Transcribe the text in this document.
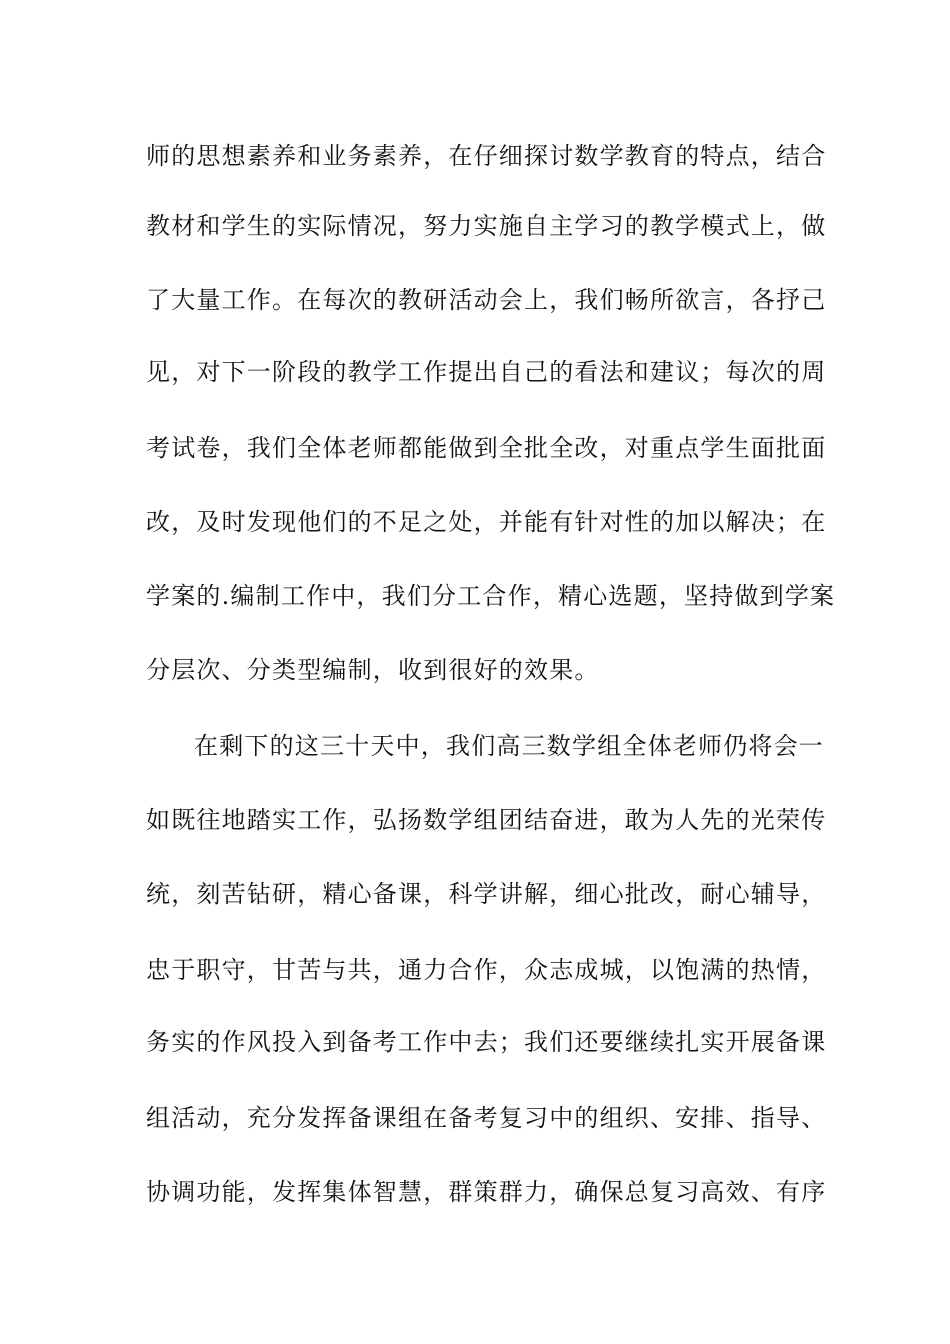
师的思想素养和业务素养，在仔细探讨数学教育的特点，结合
教材和学生的实际情况，努力实施自主学习的教学模式上，做
了大量工作。在每次的教研活动会上，我们畅所欲言，各抒己
见，对下一阶段的教学工作提出自己的看法和建议；每次的周
考试卷，我们全体老师都能做到全批全改，对重点学生面批面
改，及时发现他们的不足之处，并能有针对性的加以解决；在
学案的.编制工作中，我们分工合作，精心选题，坚持做到学案
分层次、分类型编制，收到很好的效果。
在剩下的这三十天中，我们高三数学组全体老师仍将会一
如既往地踏实工作，弘扬数学组团结奋进，敢为人先的光荣传
统，刻苦钻研，精心备课，科学讲解，细心批改，耐心辅导，
忠于职守，甘苦与共，通力合作，众志成城，以饱满的热情，
务实的作风投入到备考工作中去；我们还要继续扎实开展备课
组活动，充分发挥备课组在备考复习中的组织、安排、指导、
协调功能，发挥集体智慧，群策群力，确保总复习高效、有序
